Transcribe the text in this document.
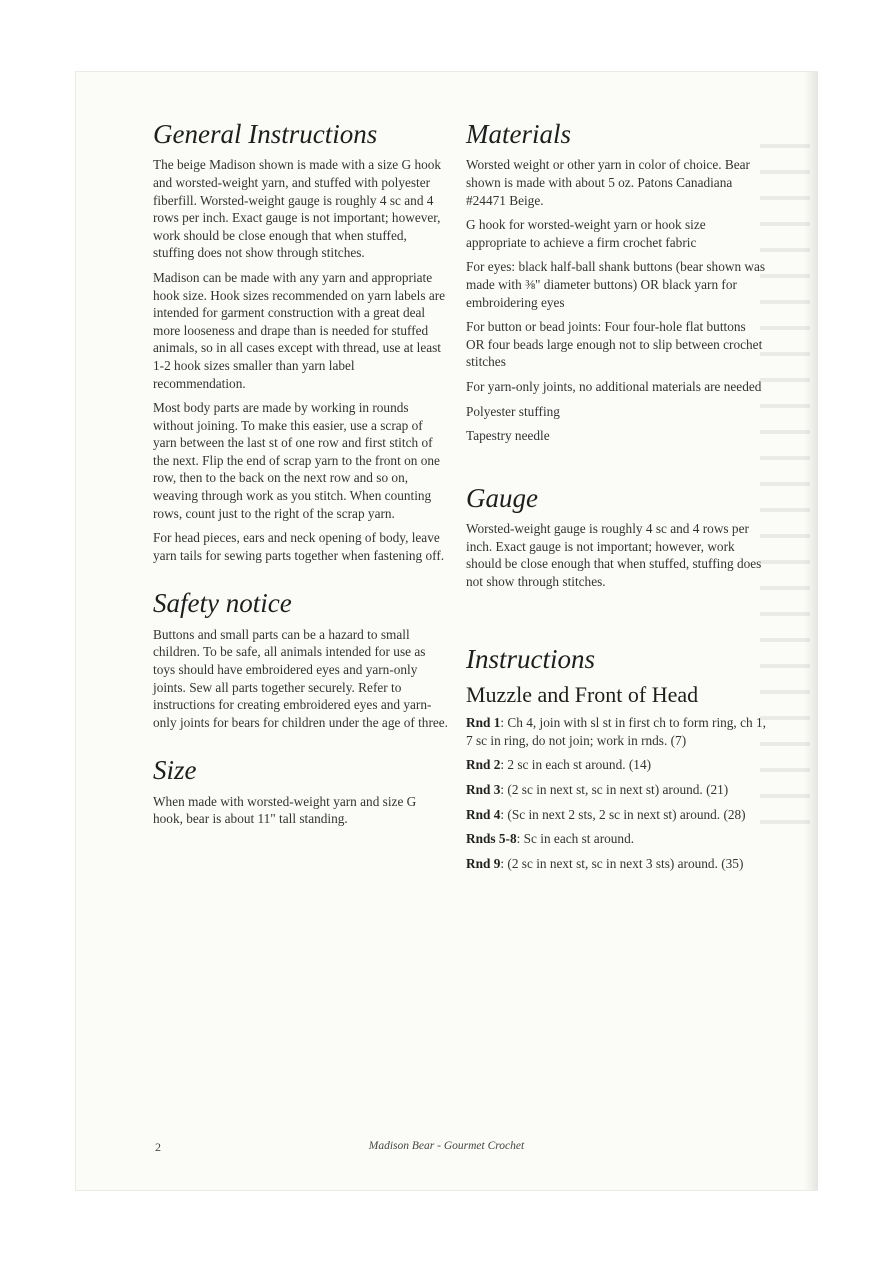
General Instructions

The beige Madison shown is made with a size G hook and worsted-weight yarn, and stuffed with polyester fiberfill. Worsted-weight gauge is roughly 4 sc and 4 rows per inch. Exact gauge is not important; however, work should be close enough that when stuffed, stuffing does not show through stitches.

Madison can be made with any yarn and appropriate hook size. Hook sizes recommended on yarn labels are intended for garment construction with a great deal more looseness and drape than is needed for stuffed animals, so in all cases except with thread, use at least 1-2 hook sizes smaller than yarn label recommendation.

Most body parts are made by working in rounds without joining. To make this easier, use a scrap of yarn between the last st of one row and first stitch of the next. Flip the end of scrap yarn to the front on one row, then to the back on the next row and so on, weaving through work as you stitch. When counting rows, count just to the right of the scrap yarn.

For head pieces, ears and neck opening of body, leave yarn tails for sewing parts together when fastening off.

Safety notice

Buttons and small parts can be a hazard to small children. To be safe, all animals intended for use as toys should have embroidered eyes and yarn-only joints. Sew all parts together securely. Refer to instructions for creating embroidered eyes and yarn-only joints for bears for children under the age of three.

Size

When made with worsted-weight yarn and size G hook, bear is about 11" tall standing.

Materials

Worsted weight or other yarn in color of choice. Bear shown is made with about 5 oz. Patons Canadiana #24471 Beige.

G hook for worsted-weight yarn or hook size appropriate to achieve a firm crochet fabric

For eyes: black half-ball shank buttons (bear shown was made with ⅜" diameter buttons) OR black yarn for embroidering eyes

For button or bead joints: Four four-hole flat buttons OR four beads large enough not to slip between crochet stitches

For yarn-only joints, no additional materials are needed

Polyester stuffing

Tapestry needle

Gauge

Worsted-weight gauge is roughly 4 sc and 4 rows per inch. Exact gauge is not important; however, work should be close enough that when stuffed, stuffing does not show through stitches.

Instructions
Muzzle and Front of Head

Rnd 1: Ch 4, join with sl st in first ch to form ring, ch 1, 7 sc in ring, do not join; work in rnds. (7)

Rnd 2: 2 sc in each st around. (14)

Rnd 3: (2 sc in next st, sc in next st) around. (21)

Rnd 4: (Sc in next 2 sts, 2 sc in next st) around. (28)

Rnds 5-8: Sc in each st around.

Rnd 9: (2 sc in next st, sc in next 3 sts) around. (35)

2	Madison Bear - Gourmet Crochet
